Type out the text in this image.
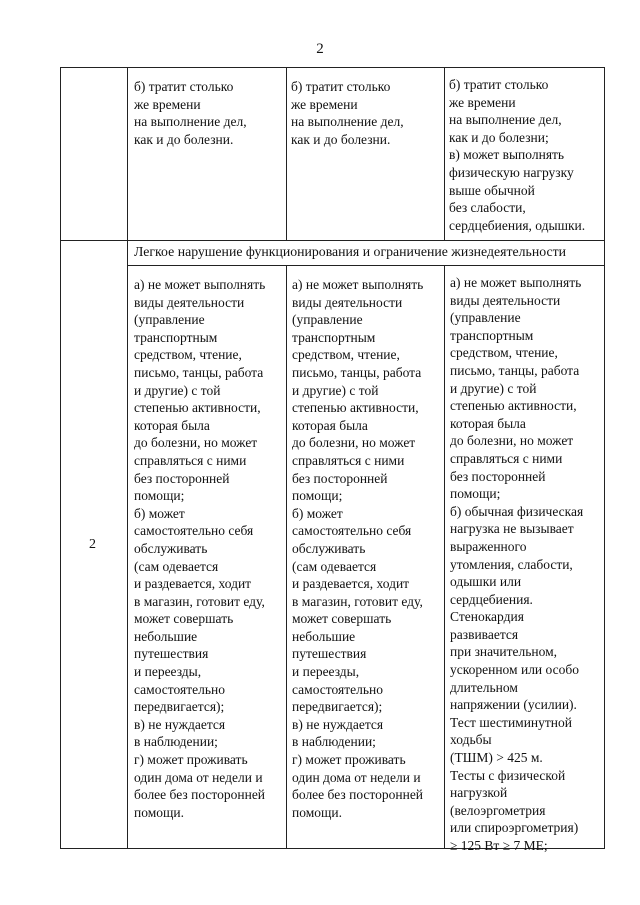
2
б) тратит столько
же времени
на выполнение дел,
как и до болезни.
б) тратит столько
же времени
на выполнение дел,
как и до болезни.
б) тратит столько
же времени
на выполнение дел,
как и до болезни;
в) может выполнять
физическую нагрузку
выше обычной
без слабости,
сердцебиения, одышки.
2
Легкое нарушение функционирования и ограничение жизнедеятельности
а) не может выполнять
виды деятельности
(управление
транспортным
средством, чтение,
письмо, танцы, работа
и другие) с той
степенью активности,
которая была
до болезни, но может
справляться с ними
без посторонней
помощи;
б) может
самостоятельно себя
обслуживать
(сам одевается
и раздевается, ходит
в магазин, готовит еду,
может совершать
небольшие
путешествия
и переезды,
самостоятельно
передвигается);
в) не нуждается
в наблюдении;
г) может проживать
один дома от недели и
более без посторонней
помощи.
а) не может выполнять
виды деятельности
(управление
транспортным
средством, чтение,
письмо, танцы, работа
и другие) с той
степенью активности,
которая была
до болезни, но может
справляться с ними
без посторонней
помощи;
б) может
самостоятельно себя
обслуживать
(сам одевается
и раздевается, ходит
в магазин, готовит еду,
может совершать
небольшие
путешествия
и переезды,
самостоятельно
передвигается);
в) не нуждается
в наблюдении;
г) может проживать
один дома от недели и
более без посторонней
помощи.
а) не может выполнять
виды деятельности
(управление
транспортным
средством, чтение,
письмо, танцы, работа
и другие) с той
степенью активности,
которая была
до болезни, но может
справляться с ними
без посторонней
помощи;
б) обычная физическая
нагрузка не вызывает
выраженного
утомления, слабости,
одышки или
сердцебиения.
Стенокардия
развивается
при значительном,
ускоренном или особо
длительном
напряжении (усилии).
Тест шестиминутной
ходьбы
(ТШМ) > 425 м.
Тесты с физической
нагрузкой
(велоэргометрия
или спироэргометрия)
≥ 125 Вт ≥ 7 МЕ;
